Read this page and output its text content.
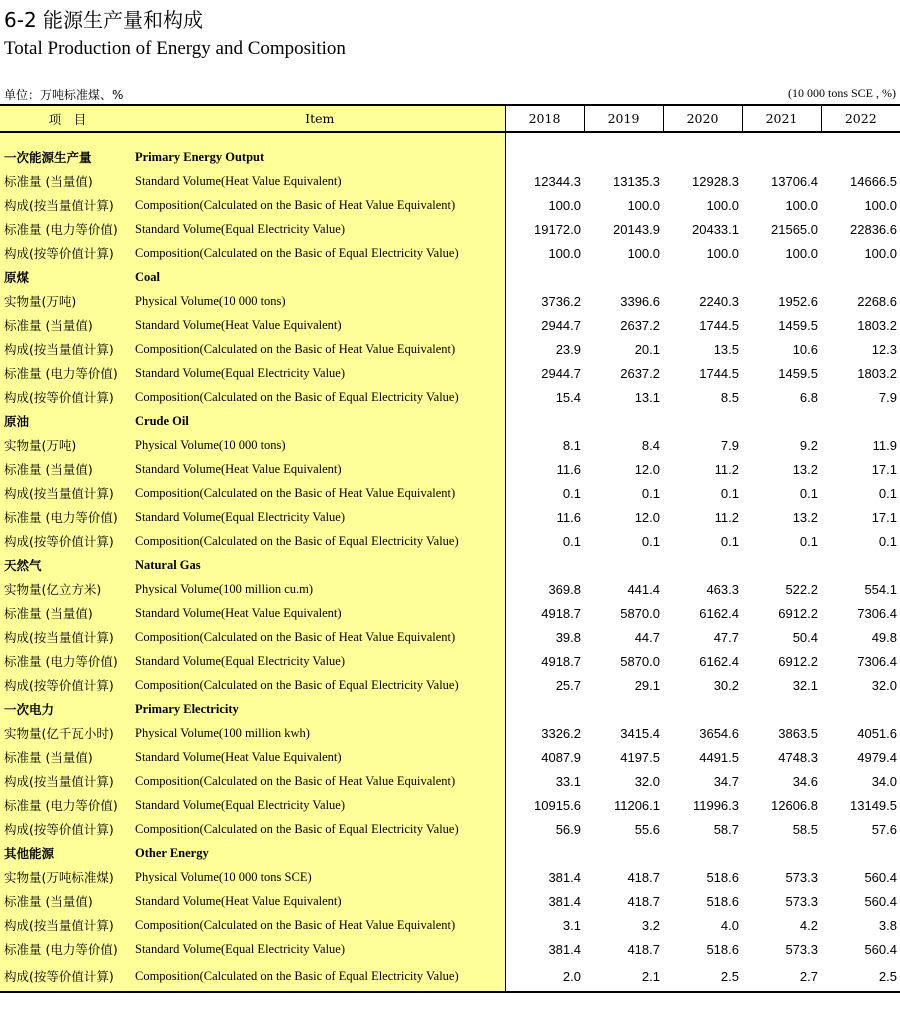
6-2 能源生产量和构成
Total Production of Energy and Composition
单位：万吨标准煤、%	(10 000 tons SCE , %)
项　目	Item	2018	2019	2020	2021	2022

一次能源生产量	Primary Energy Output					
标准量 (当量值)	Standard Volume(Heat Value Equivalent)	12344.3	13135.3	12928.3	13706.4	14666.5
构成(按当量值计算)	Composition(Calculated on the Basic of Heat Value Equivalent)	100.0	100.0	100.0	100.0	100.0
标准量 (电力等价值)	Standard Volume(Equal Electricity Value)	19172.0	20143.9	20433.1	21565.0	22836.6
构成(按等价值计算)	Composition(Calculated on the Basic of Equal Electricity Value)	100.0	100.0	100.0	100.0	100.0
原煤	Coal					
实物量(万吨)	Physical Volume(10 000 tons)	3736.2	3396.6	2240.3	1952.6	2268.6
标准量 (当量值)	Standard Volume(Heat Value Equivalent)	2944.7	2637.2	1744.5	1459.5	1803.2
构成(按当量值计算)	Composition(Calculated on the Basic of Heat Value Equivalent)	23.9	20.1	13.5	10.6	12.3
标准量 (电力等价值)	Standard Volume(Equal Electricity Value)	2944.7	2637.2	1744.5	1459.5	1803.2
构成(按等价值计算)	Composition(Calculated on the Basic of Equal Electricity Value)	15.4	13.1	8.5	6.8	7.9
原油	Crude Oil					
实物量(万吨)	Physical Volume(10 000 tons)	8.1	8.4	7.9	9.2	11.9
标准量 (当量值)	Standard Volume(Heat Value Equivalent)	11.6	12.0	11.2	13.2	17.1
构成(按当量值计算)	Composition(Calculated on the Basic of Heat Value Equivalent)	0.1	0.1	0.1	0.1	0.1
标准量 (电力等价值)	Standard Volume(Equal Electricity Value)	11.6	12.0	11.2	13.2	17.1
构成(按等价值计算)	Composition(Calculated on the Basic of Equal Electricity Value)	0.1	0.1	0.1	0.1	0.1
天然气	Natural Gas					
实物量(亿立方米)	Physical Volume(100 million cu.m)	369.8	441.4	463.3	522.2	554.1
标准量 (当量值)	Standard Volume(Heat Value Equivalent)	4918.7	5870.0	6162.4	6912.2	7306.4
构成(按当量值计算)	Composition(Calculated on the Basic of Heat Value Equivalent)	39.8	44.7	47.7	50.4	49.8
标准量 (电力等价值)	Standard Volume(Equal Electricity Value)	4918.7	5870.0	6162.4	6912.2	7306.4
构成(按等价值计算)	Composition(Calculated on the Basic of Equal Electricity Value)	25.7	29.1	30.2	32.1	32.0
一次电力	Primary Electricity					
实物量(亿千瓦小时)	Physical Volume(100 million kwh)	3326.2	3415.4	3654.6	3863.5	4051.6
标准量 (当量值)	Standard Volume(Heat Value Equivalent)	4087.9	4197.5	4491.5	4748.3	4979.4
构成(按当量值计算)	Composition(Calculated on the Basic of Heat Value Equivalent)	33.1	32.0	34.7	34.6	34.0
标准量 (电力等价值)	Standard Volume(Equal Electricity Value)	10915.6	11206.1	11996.3	12606.8	13149.5
构成(按等价值计算)	Composition(Calculated on the Basic of Equal Electricity Value)	56.9	55.6	58.7	58.5	57.6
其他能源	Other Energy					
实物量(万吨标准煤)	Physical Volume(10 000 tons SCE)	381.4	418.7	518.6	573.3	560.4
标准量 (当量值)	Standard Volume(Heat Value Equivalent)	381.4	418.7	518.6	573.3	560.4
构成(按当量值计算)	Composition(Calculated on the Basic of Heat Value Equivalent)	3.1	3.2	4.0	4.2	3.8
标准量 (电力等价值)	Standard Volume(Equal Electricity Value)	381.4	418.7	518.6	573.3	560.4
构成(按等价值计算)	Composition(Calculated on the Basic of Equal Electricity Value)	2.0	2.1	2.5	2.7	2.5
